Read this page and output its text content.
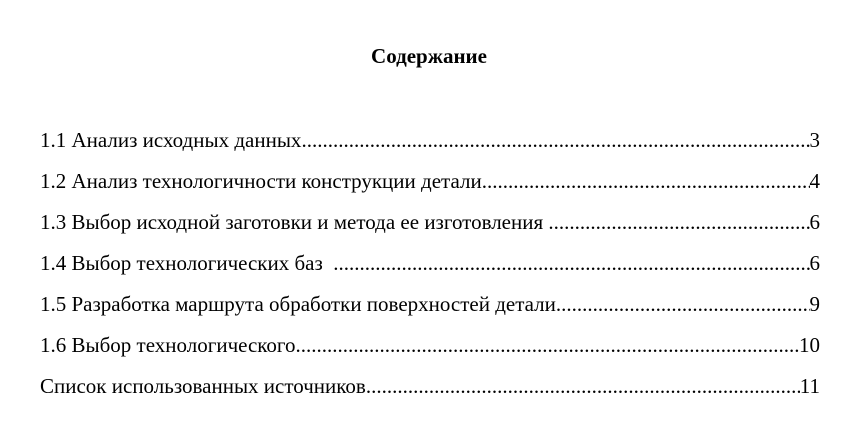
Содержание
1.1 Анализ исходных данных .....	3
1.2 Анализ технологичности конструкции детали .....	4
1.3 Выбор исходной заготовки и метода ее изготовления .....	6
1.4 Выбор технологических баз .....	6
1.5 Разработка маршрута обработки поверхностей детали .....	9
1.6 Выбор технологического .....	10
Список использованных источников .....	11
